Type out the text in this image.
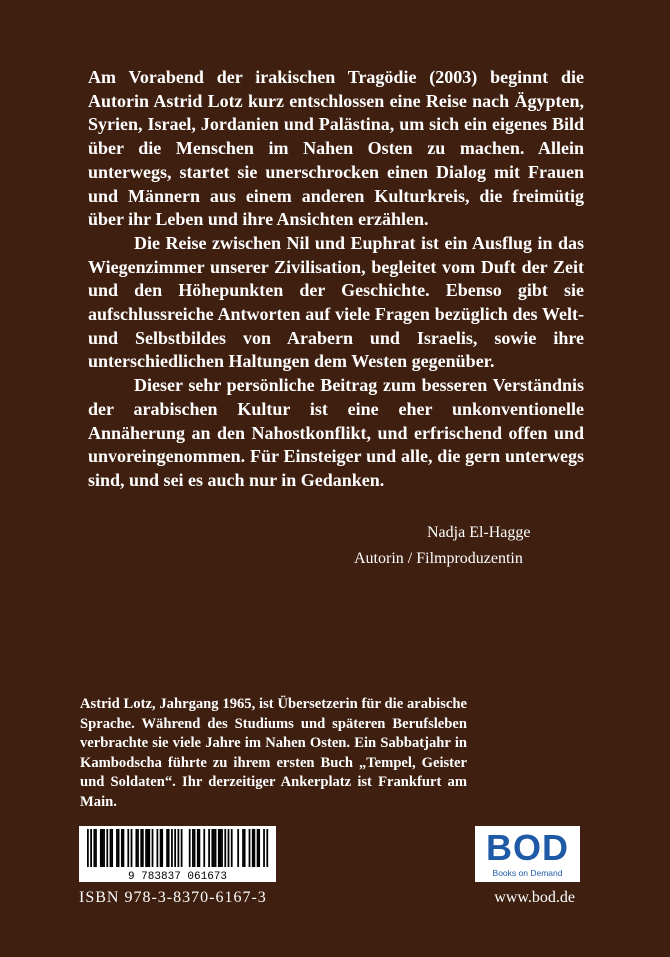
Am Vorabend der irakischen Tragödie (2003) beginnt die Autorin Astrid Lotz kurz entschlossen eine Reise nach Ägypten, Syrien, Israel, Jordanien und Palästina, um sich ein eigenes Bild über die Menschen im Nahen Osten zu machen. Allein unterwegs, startet sie unerschrocken einen Dialog mit Frauen und Männern aus einem anderen Kulturkreis, die freimütig über ihr Leben und ihre Ansichten erzählen.

Die Reise zwischen Nil und Euphrat ist ein Ausflug in das Wiegenzimmer unserer Zivilisation, begleitet vom Duft der Zeit und den Höhepunkten der Geschichte. Ebenso gibt sie aufschlussreiche Antworten auf viele Fragen bezüglich des Welt- und Selbstbildes von Arabern und Israelis, sowie ihre unterschiedlichen Haltungen dem Westen gegenüber.

Dieser sehr persönliche Beitrag zum besseren Verständnis der arabischen Kultur ist eine eher unkonventionelle Annäherung an den Nahostkonflikt, und erfrischend offen und unvoreingenommen. Für Einsteiger und alle, die gern unterwegs sind, und sei es auch nur in Gedanken.

Nadja El-Hagge
Autorin / Filmproduzentin
Astrid Lotz, Jahrgang 1965, ist Übersetzerin für die arabische Sprache. Während des Studiums und späteren Berufsleben verbrachte sie viele Jahre im Nahen Osten. Ein Sabbatjahr in Kambodscha führte zu ihrem ersten Buch „Tempel, Geister und Soldaten“. Ihr derzeitiger Ankerplatz ist Frankfurt am Main.
9 783837 061673
BOD
Books on Demand
ISBN 978-3-8370-6167-3	www.bod.de
